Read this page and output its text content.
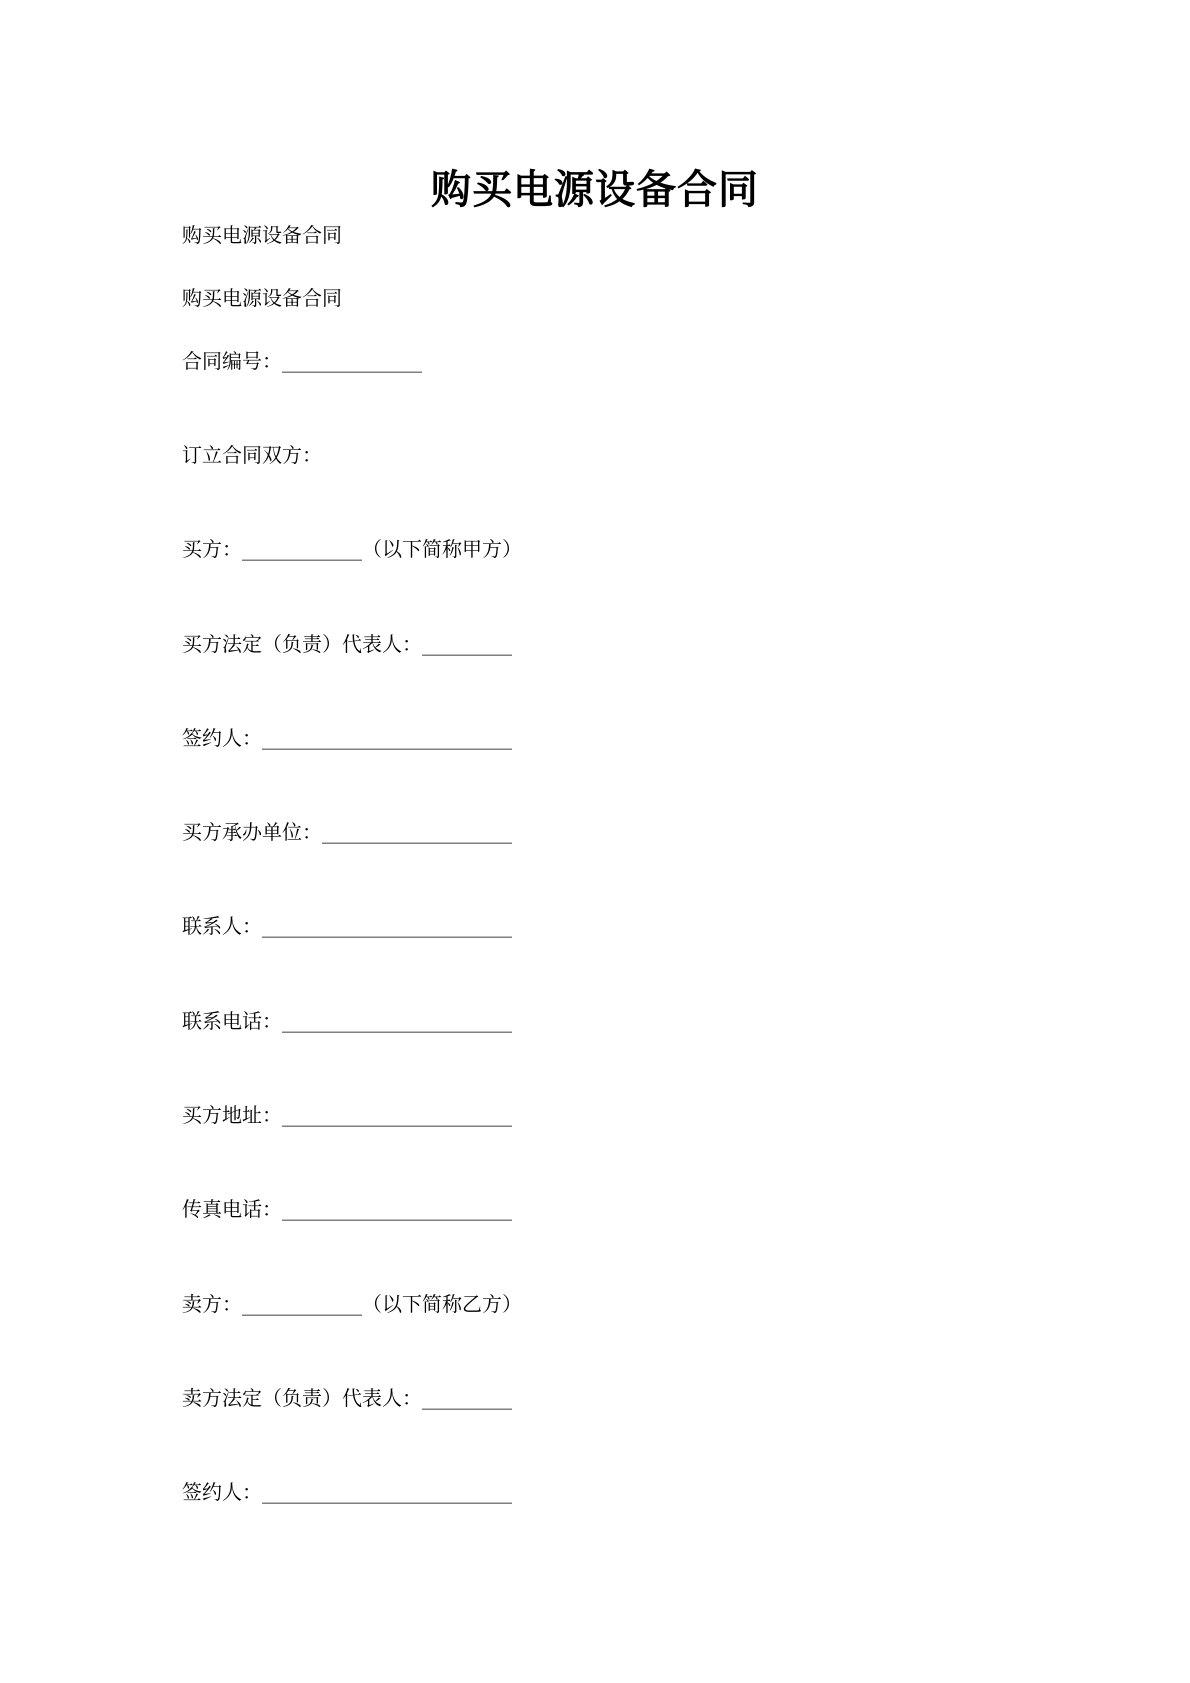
购买电源设备合同
购买电源设备合同
购买电源设备合同
合同编号：______________
订立合同双方：
买方：____________（以下简称甲方）
买方法定（负责）代表人：_________
签约人：_________________________
买方承办单位：___________________
联系人：_________________________
联系电话：_______________________
买方地址：_______________________
传真电话：_______________________
卖方：____________（以下简称乙方）
卖方法定（负责）代表人：_________
签约人：_________________________
